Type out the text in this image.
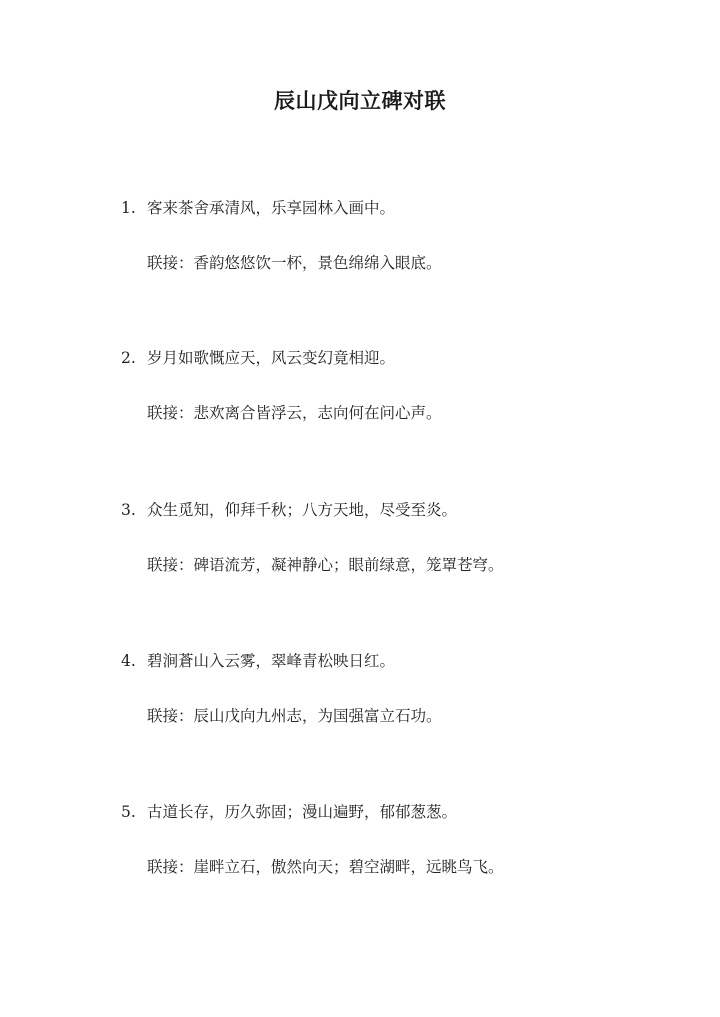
辰山戊向立碑对联
1. 客来茶舍承清风，乐享园林入画中。
联接：香韵悠悠饮一杯，景色绵绵入眼底。
2. 岁月如歌慨应天，风云变幻竟相迎。
联接：悲欢离合皆浮云，志向何在问心声。
3. 众生觅知，仰拜千秋；八方天地，尽受至炎。
联接：碑语流芳，凝神静心；眼前绿意，笼罩苍穹。
4. 碧涧蒼山入云雾，翠峰青松映日红。
联接：辰山戊向九州志，为国强富立石功。
5. 古道长存，历久弥固；漫山遍野，郁郁葱葱。
联接：崖畔立石，傲然向天；碧空湖畔，远眺鸟飞。
